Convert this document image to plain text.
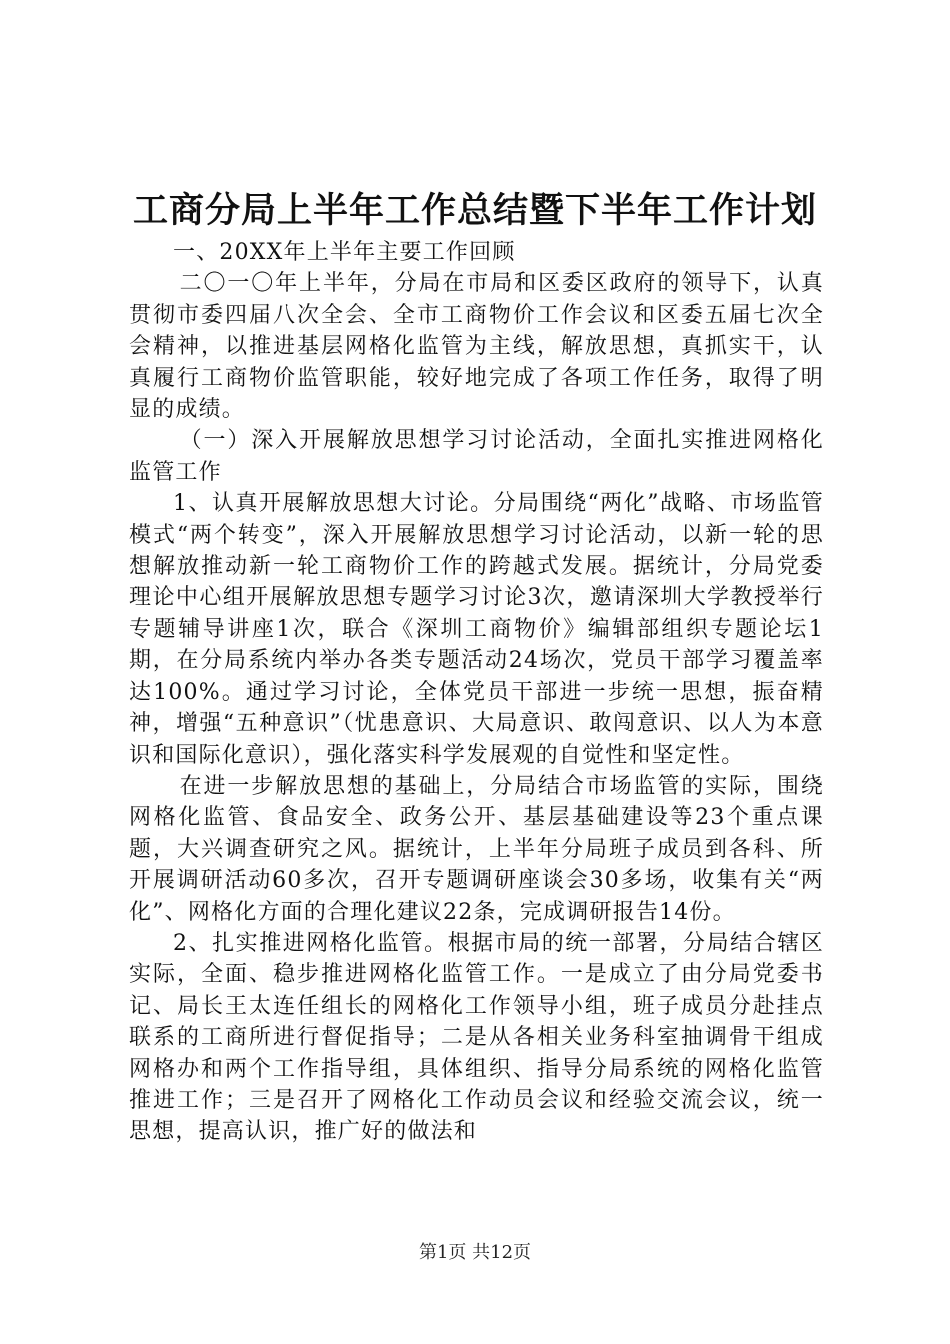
工商分局上半年工作总结暨下半年工作计划

一、20XX年上半年主要工作回顾

二〇一〇年上半年，分局在市局和区委区政府的领导下，认真贯彻市委四届八次全会、全市工商物价工作会议和区委五届七次全会精神，以推进基层网格化监管为主线，解放思想，真抓实干，认真履行工商物价监管职能，较好地完成了各项工作任务，取得了明显的成绩。

（一）深入开展解放思想学习讨论活动，全面扎实推进网格化监管工作

1、认真开展解放思想大讨论。分局围绕“两化”战略、市场监管模式“两个转变”，深入开展解放思想学习讨论活动，以新一轮的思想解放推动新一轮工商物价工作的跨越式发展。据统计，分局党委理论中心组开展解放思想专题学习讨论3次，邀请深圳大学教授举行专题辅导讲座1次，联合《深圳工商物价》编辑部组织专题论坛1期，在分局系统内举办各类专题活动24场次，党员干部学习覆盖率达100%。通过学习讨论，全体党员干部进一步统一思想，振奋精神，增强“五种意识”（忧患意识、大局意识、敢闯意识、以人为本意识和国际化意识），强化落实科学发展观的自觉性和坚定性。

在进一步解放思想的基础上，分局结合市场监管的实际，围绕网格化监管、食品安全、政务公开、基层基础建设等23个重点课题，大兴调查研究之风。据统计，上半年分局班子成员到各科、所开展调研活动60多次，召开专题调研座谈会30多场，收集有关“两化”、网格化方面的合理化建议22条，完成调研报告14份。

2、扎实推进网格化监管。根据市局的统一部署，分局结合辖区实际，全面、稳步推进网格化监管工作。一是成立了由分局党委书记、局长王太连任组长的网格化工作领导小组，班子成员分赴挂点联系的工商所进行督促指导；二是从各相关业务科室抽调骨干组成网格办和两个工作指导组，具体组织、指导分局系统的网格化监管推进工作；三是召开了网格化工作动员会议和经验交流会议，统一思想，提高认识，推广好的做法和

第1页 共12页
